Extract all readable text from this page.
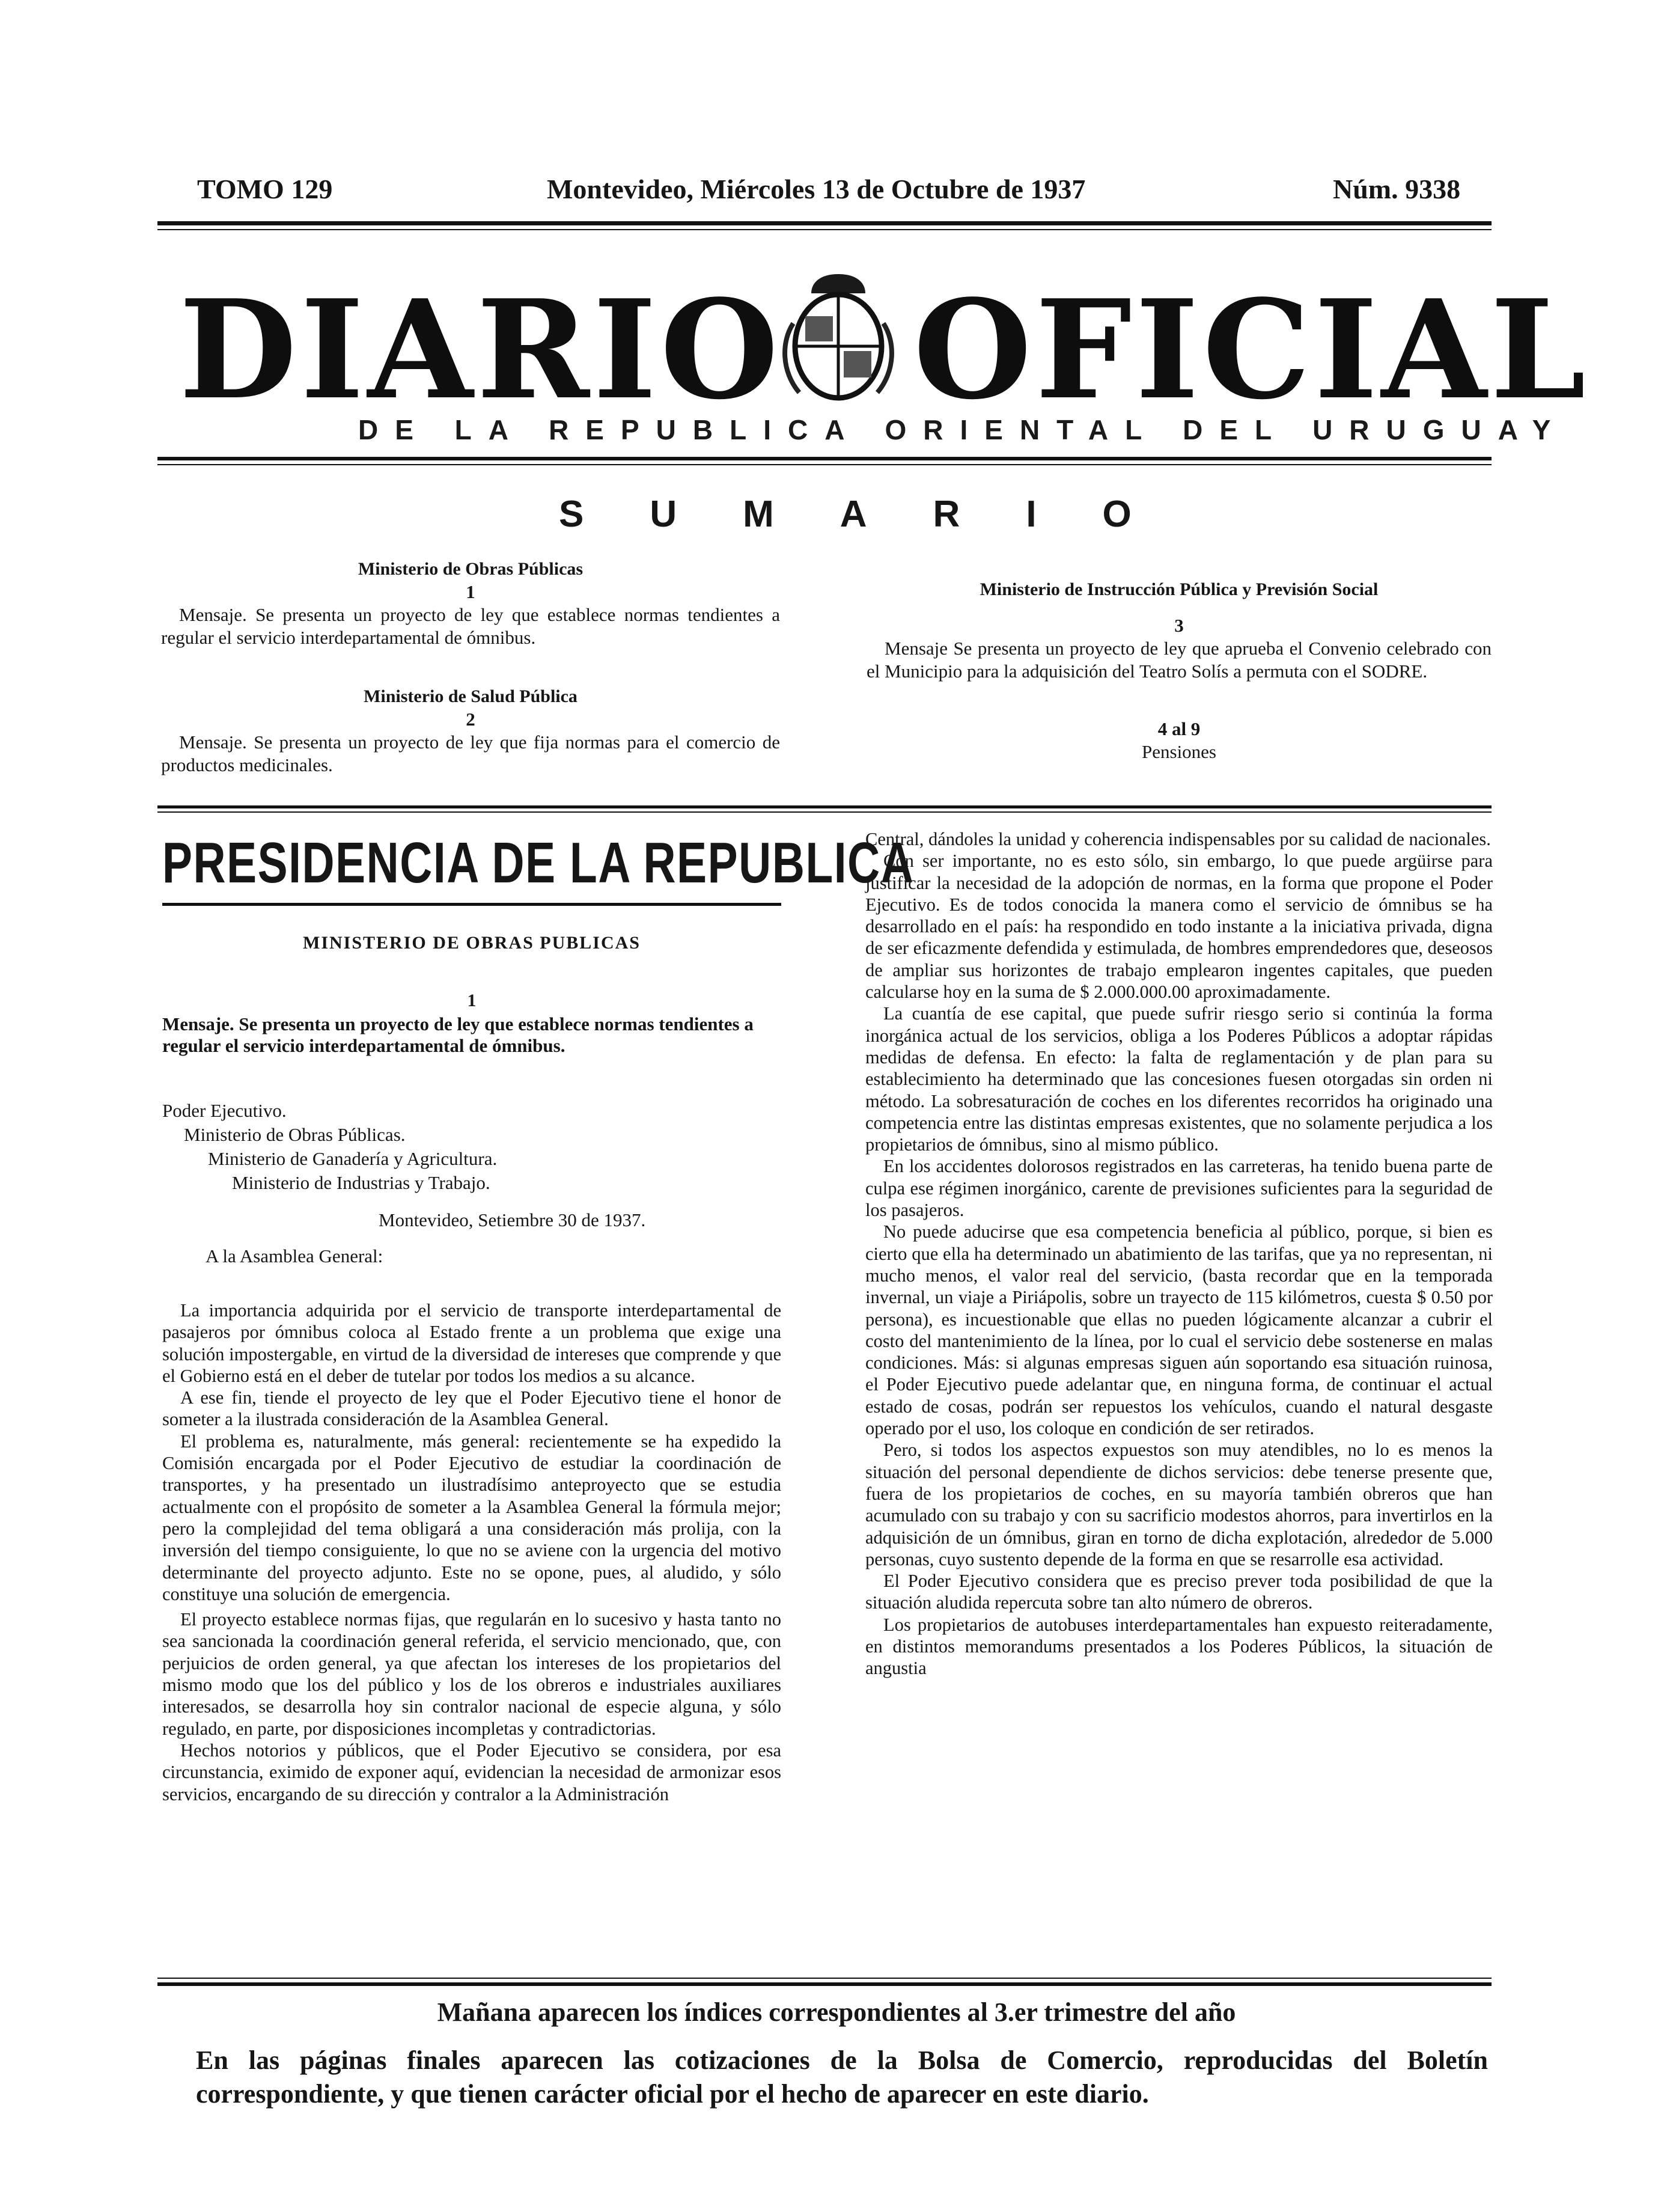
TOMO 129	Montevideo, Miércoles 13 de Octubre de 1937	Núm. 9338
DIARIO OFICIAL
DE LA REPUBLICA ORIENTAL DEL URUGUAY
SUMARIO
Ministerio de Obras Públicas
1

Mensaje. Se presenta un proyecto de ley que establece normas tendientes a regular el servicio interdepartamental de ómnibus.

Ministerio de Salud Pública
2

Mensaje. Se presenta un proyecto de ley que fija normas para el comercio de productos medicinales.

Ministerio de Instrucción Pública y Previsión Social
3

Mensaje Se presenta un proyecto de ley que aprueba el Convenio celebrado con el Municipio para la adquisición del Teatro Solís a permuta con el SODRE.

4 al 9
Pensiones
PRESIDENCIA DE LA REPUBLICA
MINISTERIO DE OBRAS PUBLICAS
1
Mensaje. Se presenta un proyecto de ley que establece normas tendientes a regular el servicio interdepartamental de ómnibus.
Poder Ejecutivo.
Ministerio de Obras Públicas.
Ministerio de Ganadería y Agricultura.
Ministerio de Industrias y Trabajo.
Montevideo, Setiembre 30 de 1937.
A la Asamblea General:

La importancia adquirida por el servicio de transporte interdepartamental de pasajeros por ómnibus coloca al Estado frente a un problema que exige una solución impostergable, en virtud de la diversidad de intereses que comprende y que el Gobierno está en el deber de tutelar por todos los medios a su alcance.

A ese fin, tiende el proyecto de ley que el Poder Ejecutivo tiene el honor de someter a la ilustrada consideración de la Asamblea General.

El problema es, naturalmente, más general: recientemente se ha expedido la Comisión encargada por el Poder Ejecutivo de estudiar la coordinación de transportes, y ha presentado un ilustradísimo anteproyecto que se estudia actualmente con el propósito de someter a la Asamblea General la fórmula mejor; pero la complejidad del tema obligará a una consideración más prolija, con la inversión del tiempo consiguiente, lo que no se aviene con la urgencia del motivo determinante del proyecto adjunto. Este no se opone, pues, al aludido, y sólo constituye una solución de emergencia.

El proyecto establece normas fijas, que regularán en lo sucesivo y hasta tanto no sea sancionada la coordinación general referida, el servicio mencionado, que, con perjuicios de orden general, ya que afectan los intereses de los propietarios del mismo modo que los del público y los de los obreros e industriales auxiliares interesados, se desarrolla hoy sin contralor nacional de especie alguna, y sólo regulado, en parte, por disposiciones incompletas y contradictorias.

Hechos notorios y públicos, que el Poder Ejecutivo se considera, por esa circunstancia, eximido de exponer aquí, evidencian la necesidad de armonizar esos servicios, encargando de su dirección y contralor a la Administración

Central, dándoles la unidad y coherencia indispensables por su calidad de nacionales.

Con ser importante, no es esto sólo, sin embargo, lo que puede argüirse para justificar la necesidad de la adopción de normas, en la forma que propone el Poder Ejecutivo. Es de todos conocida la manera como el servicio de ómnibus se ha desarrollado en el país: ha respondido en todo instante a la iniciativa privada, digna de ser eficazmente defendida y estimulada, de hombres emprendedores que, deseosos de ampliar sus horizontes de trabajo emplearon ingentes capitales, que pueden calcularse hoy en la suma de $ 2.000.000.00 aproximadamente.

La cuantía de ese capital, que puede sufrir riesgo serio si continúa la forma inorgánica actual de los servicios, obliga a los Poderes Públicos a adoptar rápidas medidas de defensa. En efecto: la falta de reglamentación y de plan para su establecimiento ha determinado que las concesiones fuesen otorgadas sin orden ni método. La sobresaturación de coches en los diferentes recorridos ha originado una competencia entre las distintas empresas existentes, que no solamente perjudica a los propietarios de ómnibus, sino al mismo público.

En los accidentes dolorosos registrados en las carreteras, ha tenido buena parte de culpa ese régimen inorgánico, carente de previsiones suficientes para la seguridad de los pasajeros.

No puede aducirse que esa competencia beneficia al público, porque, si bien es cierto que ella ha determinado un abatimiento de las tarifas, que ya no representan, ni mucho menos, el valor real del servicio, (basta recordar que en la temporada invernal, un viaje a Piriápolis, sobre un trayecto de 115 kilómetros, cuesta $ 0.50 por persona), es incuestionable que ellas no pueden lógicamente alcanzar a cubrir el costo del mantenimiento de la línea, por lo cual el servicio debe sostenerse en malas condiciones. Más: si algunas empresas siguen aún soportando esa situación ruinosa, el Poder Ejecutivo puede adelantar que, en ninguna forma, de continuar el actual estado de cosas, podrán ser repuestos los vehículos, cuando el natural desgaste operado por el uso, los coloque en condición de ser retirados.

Pero, si todos los aspectos expuestos son muy atendibles, no lo es menos la situación del personal dependiente de dichos servicios: debe tenerse presente que, fuera de los propietarios de coches, en su mayoría también obreros que han acumulado con su trabajo y con su sacrificio modestos ahorros, para invertirlos en la adquisición de un ómnibus, giran en torno de dicha explotación, alrededor de 5.000 personas, cuyo sustento depende de la forma en que se resarrolle esa actividad.

El Poder Ejecutivo considera que es preciso prever toda posibilidad de que la situación aludida repercuta sobre tan alto número de obreros.

Los propietarios de autobuses interdepartamentales han expuesto reiteradamente, en distintos memorandums presentados a los Poderes Públicos, la situación de angustia

Mañana aparecen los índices correspondientes al 3.er trimestre del año
En las páginas finales aparecen las cotizaciones de la Bolsa de Comercio, reproducidas del Boletín correspondiente, y que tienen carácter oficial por el hecho de aparecer en este diario.
